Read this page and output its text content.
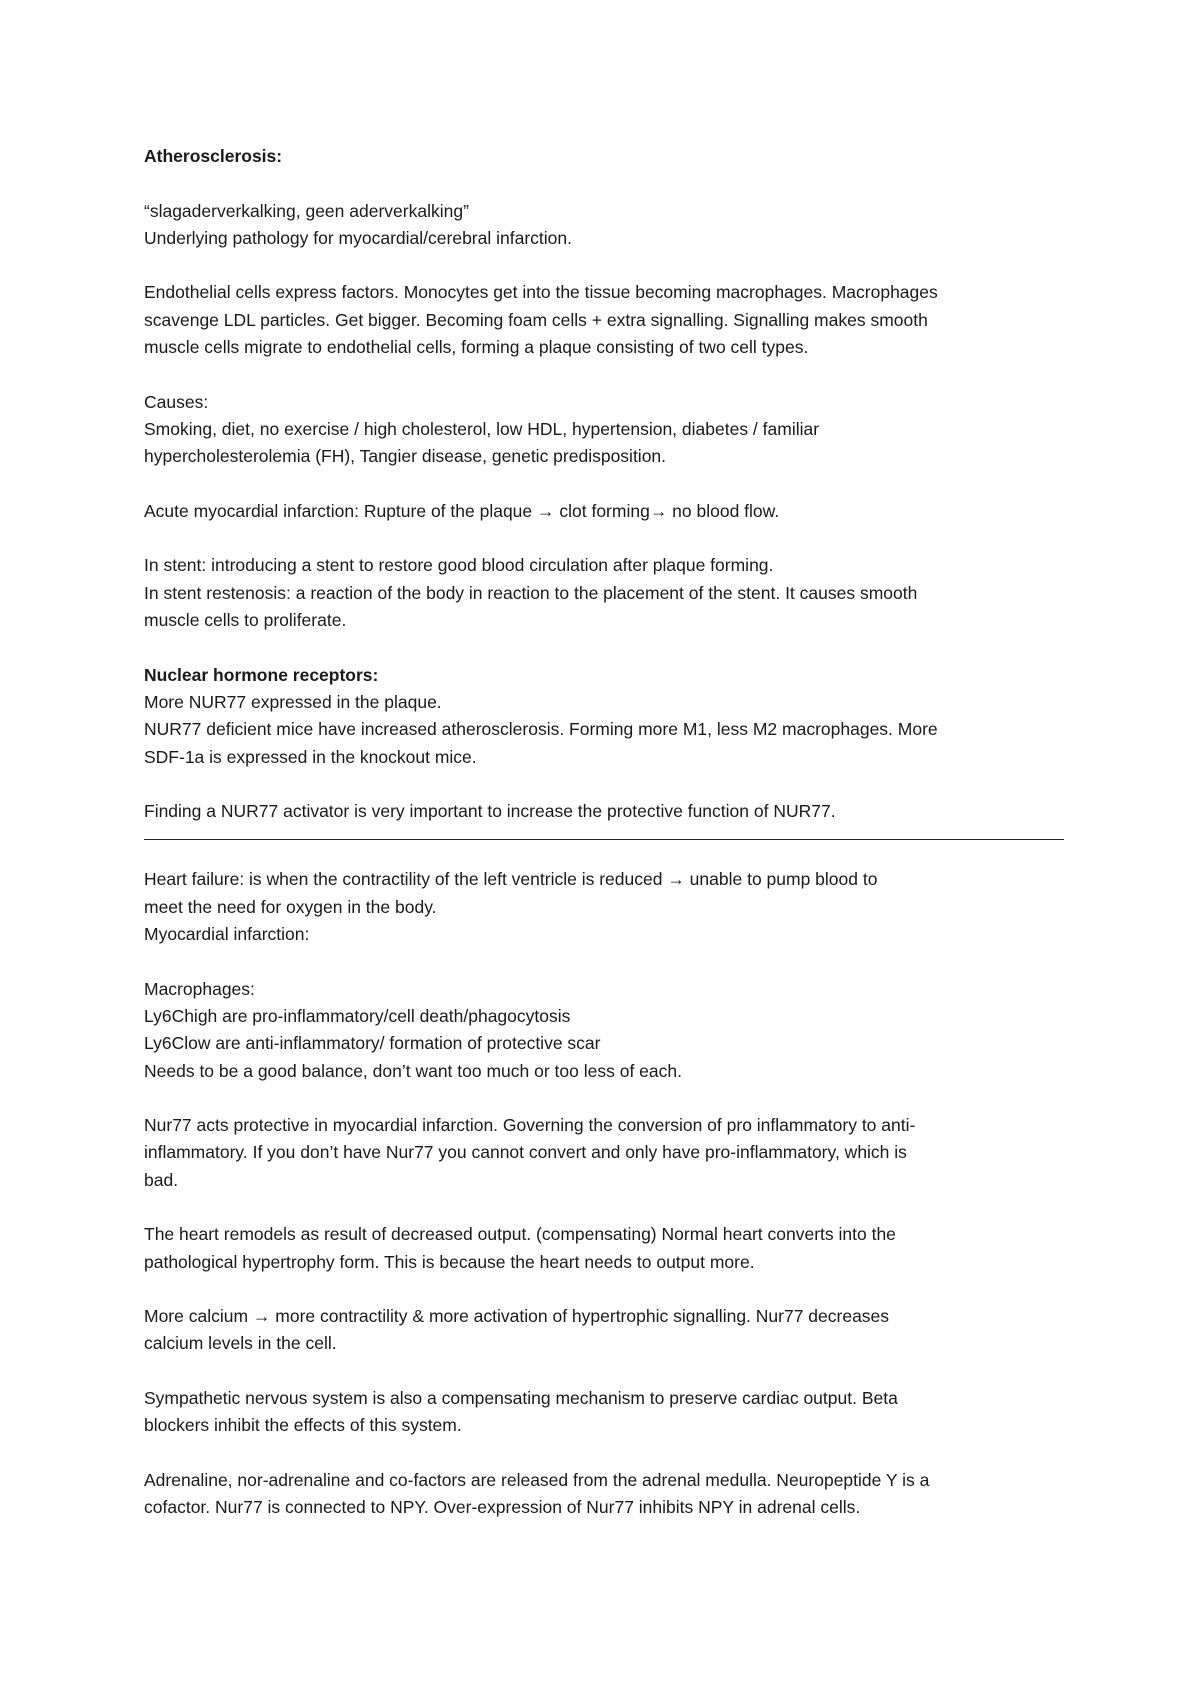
Atherosclerosis:

“slagaderverkalking, geen aderverkalking”
Underlying pathology for myocardial/cerebral infarction.

Endothelial cells express factors. Monocytes get into the tissue becoming macrophages. Macrophages
scavenge LDL particles. Get bigger. Becoming foam cells + extra signalling. Signalling makes smooth
muscle cells migrate to endothelial cells, forming a plaque consisting of two cell types.

Causes:
Smoking, diet, no exercise / high cholesterol, low HDL, hypertension, diabetes / familiar
hypercholesterolemia (FH), Tangier disease, genetic predisposition.

Acute myocardial infarction: Rupture of the plaque → clot forming→ no blood flow.

In stent: introducing a stent to restore good blood circulation after plaque forming.
In stent restenosis: a reaction of the body in reaction to the placement of the stent. It causes smooth
muscle cells to proliferate.

Nuclear hormone receptors:
More NUR77 expressed in the plaque.
NUR77 deficient mice have increased atherosclerosis. Forming more M1, less M2 macrophages. More
SDF-1a is expressed in the knockout mice.

Finding a NUR77 activator is very important to increase the protective function of NUR77.

Heart failure: is when the contractility of the left ventricle is reduced → unable to pump blood to
meet the need for oxygen in the body.
Myocardial infarction:

Macrophages:
Ly6Chigh are pro-inflammatory/cell death/phagocytosis
Ly6Clow are anti-inflammatory/ formation of protective scar
Needs to be a good balance, don’t want too much or too less of each.

Nur77 acts protective in myocardial infarction. Governing the conversion of pro inflammatory to anti-
inflammatory. If you don’t have Nur77 you cannot convert and only have pro-inflammatory, which is
bad.

The heart remodels as result of decreased output. (compensating) Normal heart converts into the
pathological hypertrophy form. This is because the heart needs to output more.

More calcium → more contractility & more activation of hypertrophic signalling. Nur77 decreases
calcium levels in the cell.

Sympathetic nervous system is also a compensating mechanism to preserve cardiac output. Beta
blockers inhibit the effects of this system.

Adrenaline, nor-adrenaline and co-factors are released from the adrenal medulla. Neuropeptide Y is a
cofactor. Nur77 is connected to NPY. Over-expression of Nur77 inhibits NPY in adrenal cells.
